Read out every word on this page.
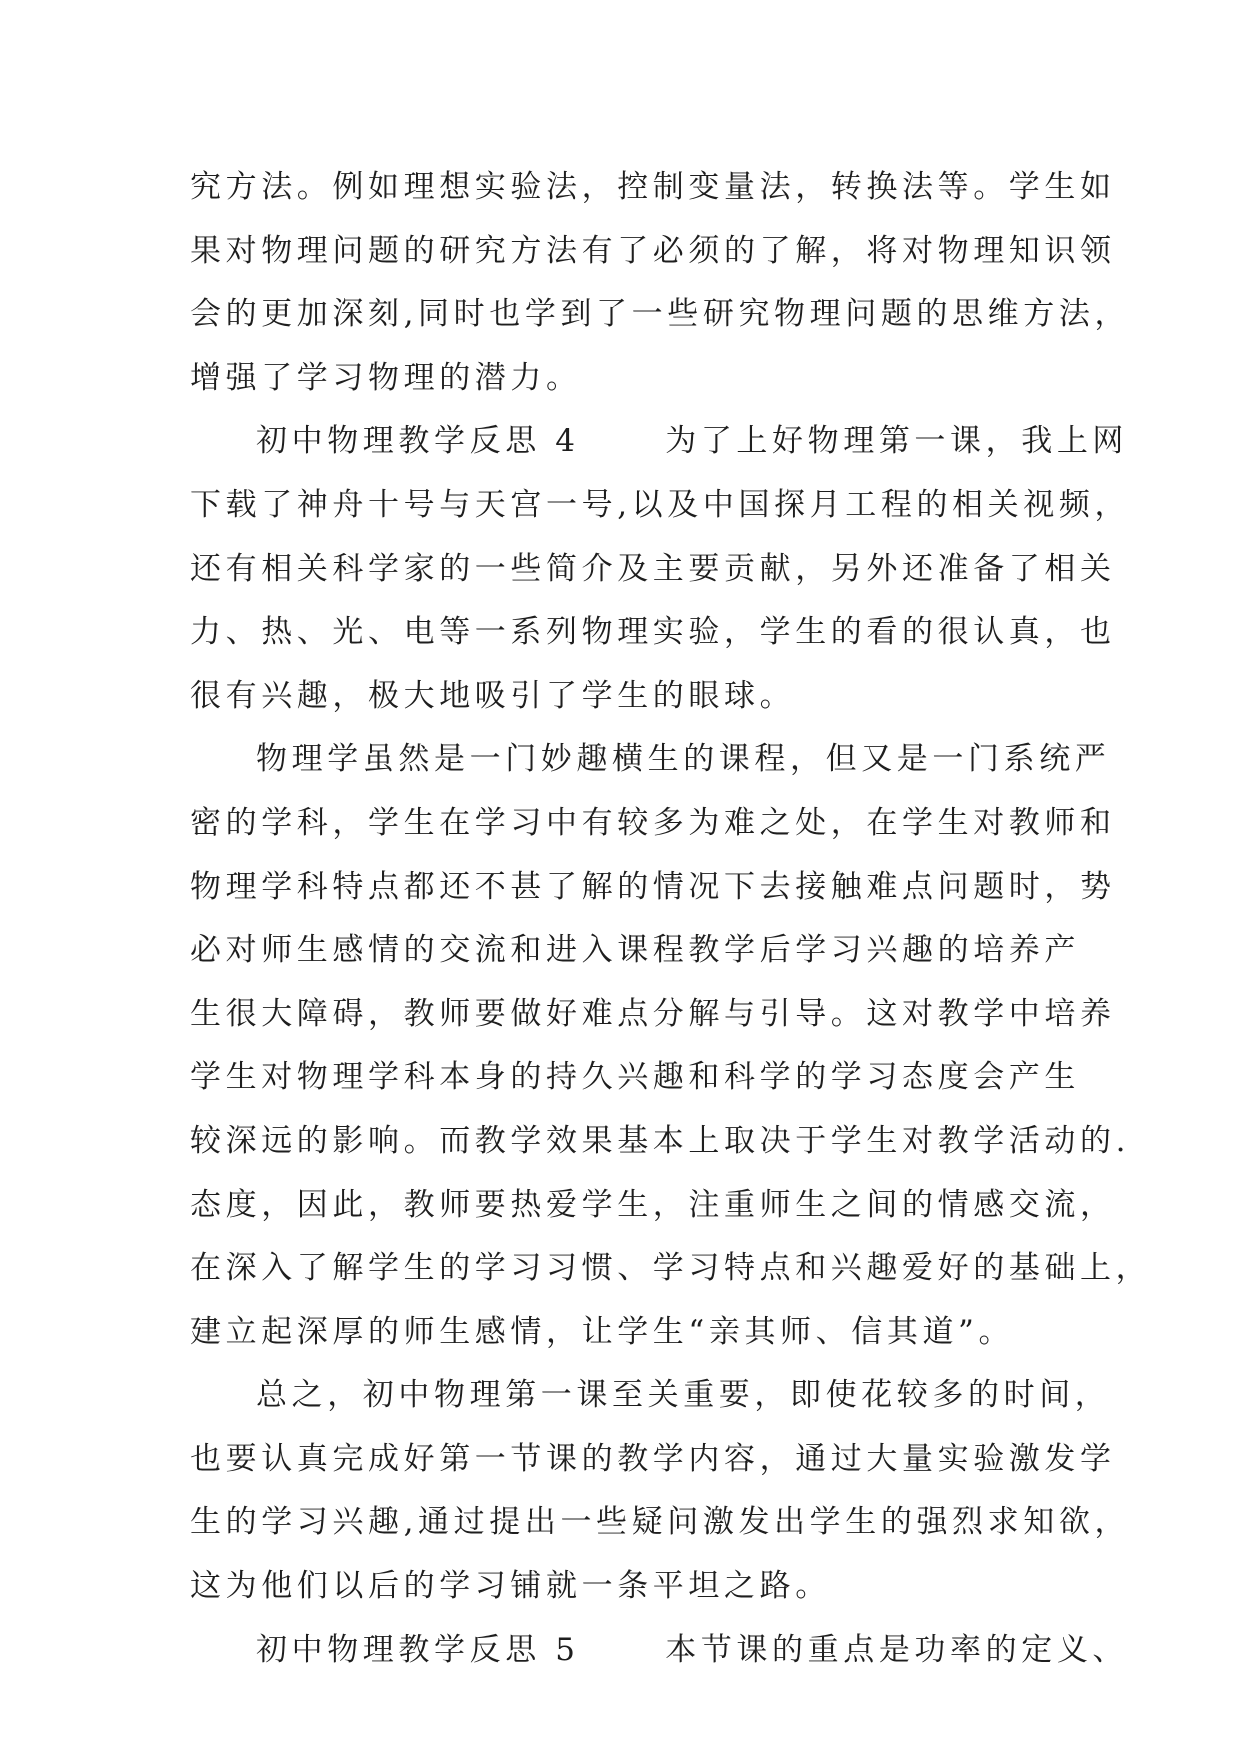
究方法。例如理想实验法，控制变量法，转换法等。学生如
果对物理问题的研究方法有了必须的了解，将对物理知识领
会的更加深刻,同时也学到了一些研究物理问题的思维方法，
增强了学习物理的潜力。
初中物理教学反思 4　　 为了上好物理第一课，我上网
下载了神舟十号与天宫一号,以及中国探月工程的相关视频，
还有相关科学家的一些简介及主要贡献，另外还准备了相关
力、热、光、电等一系列物理实验，学生的看的很认真，也
很有兴趣，极大地吸引了学生的眼球。
物理学虽然是一门妙趣横生的课程，但又是一门系统严
密的学科，学生在学习中有较多为难之处，在学生对教师和
物理学科特点都还不甚了解的情况下去接触难点问题时，势
必对师生感情的交流和进入课程教学后学习兴趣的培养产
生很大障碍，教师要做好难点分解与引导。这对教学中培养
学生对物理学科本身的持久兴趣和科学的学习态度会产生
较深远的影响。而教学效果基本上取决于学生对教学活动的.
态度，因此，教师要热爱学生，注重师生之间的情感交流，
在深入了解学生的学习习惯、学习特点和兴趣爱好的基础上，
建立起深厚的师生感情，让学生“亲其师、信其道”。
总之，初中物理第一课至关重要，即使花较多的时间，
也要认真完成好第一节课的教学内容，通过大量实验激发学
生的学习兴趣,通过提出一些疑问激发出学生的强烈求知欲，
这为他们以后的学习铺就一条平坦之路。
初中物理教学反思 5　　 本节课的重点是功率的定义、
